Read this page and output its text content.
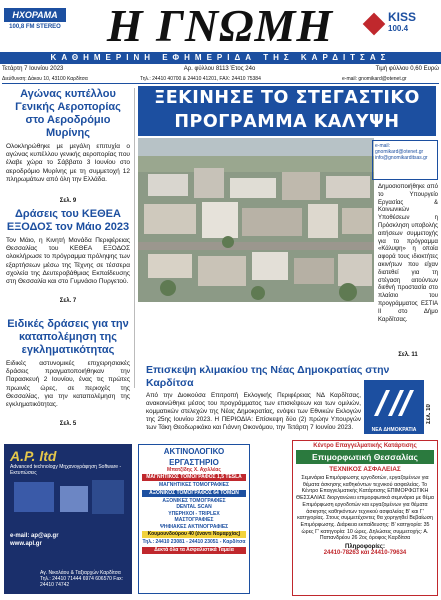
ΗΧΟΡΑΜΑ
100,8 FM STEREO	Η ΓΝΩΜΗ	KISS
100.4
ΚΑΘΗΜΕΡΙΝΗ ΕΦΗΜΕΡΙΔΑ ΤΗΣ ΚΑΡΔΙΤΣΑΣ
Τετάρτη 7 Ιουνίου 2023	Αρ. φύλλου 8113 Έτος 24ο	Τιμή φύλλου 0,60 Ευρώ
Διεύθυνση: Δάκου 10, 43100 Καρδίτσα	Τηλ.: 24410 40700 & 24410 41201, FAX: 24410 75384	e-mail: gnomikard@otenet.gr
Αγώνας κυπέλλου Γενικής Αεροπορίας στο Αεροδρόμιο Μυρίνης
Ολοκληρώθηκε με μεγάλη επιτυχία ο αγώνας κυπέλλου γενικής αεροπορίας που έλαβε χώρα το Σάββατο 3 Ιουνίου στο αεροδρόμιο Μυρίνης με τη συμμετοχή 12 πληρωμάτων από όλη την Ελλάδα.
Σελ. 9
Δράσεις του ΚΕΘΕΑ ΕΞΟΔΟΣ τον Μάιο 2023
Τον Μάιο, η Κινητή Μονάδα Περιφέρειας Θεσσαλίας του ΚΕΘΕΑ ΕΞΟΔΟΣ ολοκλήρωσε το πρόγραμμα πρόληψης των εξαρτήσεων μέσω της Τέχνης σε τέσσερα σχολεία της Δευτεροβάθμιας Εκπαίδευσης στη Θεσσαλία και στο Γυμνάσιο Πυργετού.
Σελ. 7
Ειδικές δράσεις για την καταπολέμηση της εγκληματικότητας
Ειδικές αστυνομικές επιχειρησιακές δράσεις πραγματοποιήθηκαν την Παρασκευή 2 Ιουνίου, ένας τις πρώτες πρωινές ώρες, σε περιοχές της Θεσσαλίας, για την καταπολέμηση της εγκληματικότητας.
Σελ. 5
ΞΕΚΙΝΗΣΕ ΤΟ ΣΤΕΓΑΣΤΙΚΟ
ΠΡΟΓΡΑΜΜΑ ΚΑΛΥΨΗ
e-mail: gnomikard@otenet.gr info@gnomikarditsas.gr
Δημοσιοποιήθηκε από το Υπουργείο Εργασίας & Κοινωνικών Υποθέσεων η Πρόσκληση υποβολής αιτήσεων συμμετοχής για το πρόγραμμα «Κάλυψη» η οποία αφορά τους ιδιοκτήτες ακινήτων που είχαν διατεθεί για τη στέγαση αιτούντων διεθνή προστασία στο πλαίσιο του προγράμματος ΕΣΤΙΑ II στο Δήμο Καρδίτσας.
Σελ. 11
Επισκεψη κλιμακίου της Νέας Δημοκρατίας στην Καρδίτσα
Από την Διοικούσα Επιτροπή Εκλογικής Περιφέρειας ΝΔ Καρδίτσας, ανακοινώθηκε μέσος του προγράμματος των επισκέψεων και των ομιλιών, κομματικών στελεχών της Νέας Δημοκρατίας, ενόψει των Εθνικών Εκλογών της 25ης Ιουνίου 2023. Η ΠΕΡΙΟΔΙΑ: Επίσκεψη δύο (2) πρώην Υπουργών των Τάκη Θεοδωρικάκο και Γιάννη Οικονόμου, την Τετάρτη 7 Ιουνίου 2023.	ΝΕΑ ΔΗΜΟΚΡΑΤΙΑ
Σελ. 10
A.P. ltd
Advanced technology Μηχανογράφηση Software - Εκτυπώσεις
e-mail: ap@ap.gr
www.apl.gr
Αγ. Νικολάου & Ταξιαρχών Καρδίτσα Τηλ.: 24410 71444 6974 606570 Fax: 24410 74742
ΑΚΤΙΝΟΛΟΓΙΚΟ
ΕΡΓΑΣΤΗΡΙΟ
Μπατζίδης Χ. Αχιλλέας
ΜΑΓΝΗΤΙΚΟΣ ΤΟΜΟΓΡΑΦΟΣ 1,5 TESLA
ΜΑΓΝΗΤΙΚΕΣ ΤΟΜΟΓΡΑΦΙΕΣ
ΑΞΟΝΙΚΟΣ ΤΟΜΟΓΡΑΦΟΣ 64 ΤΟΜΩΝ
ΑΞΟΝΙΚΕΣ ΤΟΜΟΓΡΑΦΙΕΣ
DENTAL SCAN
ΥΠΕΡΗΧΟΙ - TRIPLEX
ΜΑΣΤΟΓΡΑΦΙΕΣ
ΨΗΦΙΑΚΕΣ ΑΚΤΙΝΟΓΡΑΦΙΕΣ
Κουμουνδούρου 40 (έναντι Νομαρχίας)
Τηλ.: 24410 23081 - 24410 23051 - Καρδίτσα
Δεκτά όλα τα Ασφαλιστικά Ταμεία
Κέντρο Επαγγελματικής Κατάρτισης
Επιμορφωτική Θεσσαλίας
ΤΕΧΝΙΚΟΣ ΑΣΦΑΛΕΙΑΣ
Σεμινάρια Επιμόρφωσης εργοδοτών, εργαζομένων για θέματα άσκησης καθηκόντων τεχνικού ασφαλείας. Το Κέντρο Επαγγελματικής Κατάρτισης ΕΠΙΜΟΡΦΩΤΙΚΗ ΘΕΣΣΑΛΙΑΣ διοργανώνει επιμορφωτικά σεμινάρια με θέμα Επιμόρφωση εργοδοτών και εργαζομένων για θέματα άσκησης καθηκόντων τεχνικού ασφαλείας Β' και Γ' κατηγορίας. Στους συμμετέχοντες θα χορηγηθεί Βεβαίωση Επιμόρφωσης. Διάρκεια εκπαίδευσης: Β' κατηγορία: 35 ώρες Γ' κατηγορία: 10 ώρες. Δηλώσεις συμμετοχής: Α. Παπανδρέου 26 2ος όροφος Καρδίτσα
Πληροφορίες:
24410-78263 και 24410-79634
